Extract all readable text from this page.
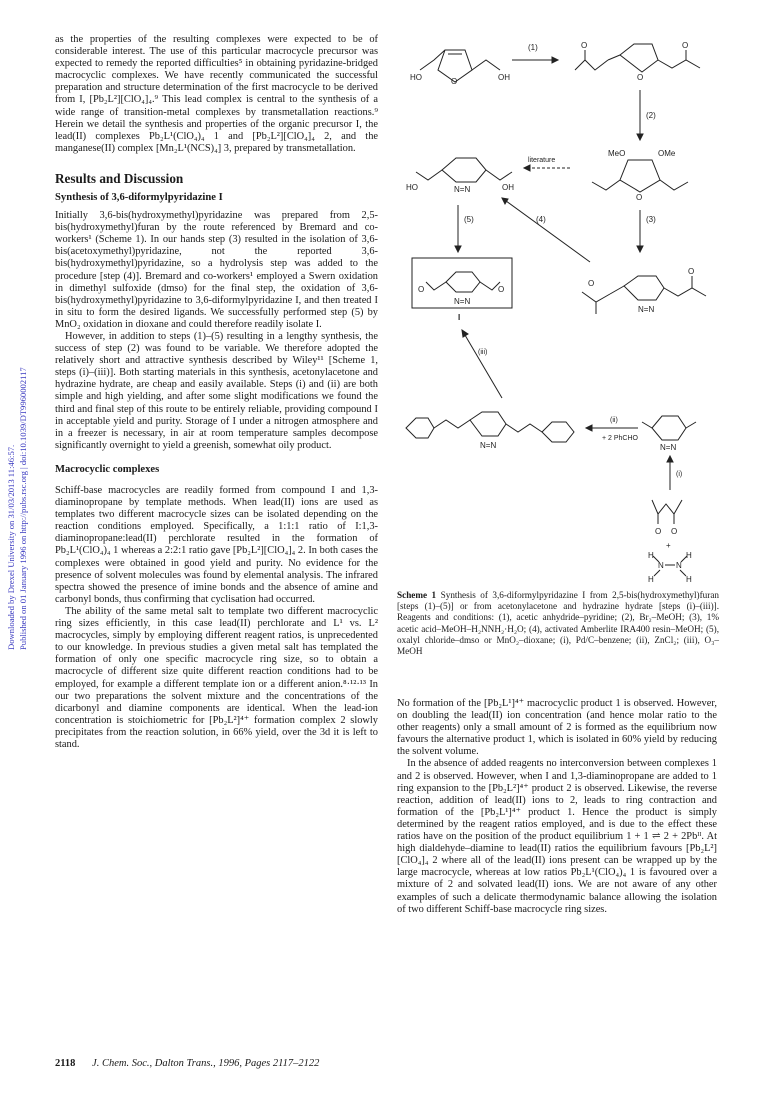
Downloaded by Drexel University on 31/03/2013 11:46:57. Published on 01 January 1996 on http://pubs.rsc.org | doi:10.1039/DT9960002117

as the properties of the resulting complexes were expected to be of considerable interest. The use of this particular macrocycle precursor was expected to remedy the reported difficulties⁵ in obtaining pyridazine-bridged macrocyclic complexes. We have recently communicated the successful preparation and structure determination of the first macrocycle to be derived from I, [Pb₂L²][ClO₄]₄.⁹ This lead complex is central to the synthesis of a wide range of transition-metal complexes by transmetallation reactions.⁹ Herein we detail the synthesis and properties of the organic precursor I, the lead(II) complexes Pb₂L¹(ClO₄)₄ 1 and [Pb₂L²][ClO₄]₄ 2, and the manganese(II) complex [Mn₂L¹(NCS)₄] 3, prepared by transmetallation.

Results and Discussion
Synthesis of 3,6-diformylpyridazine I

Initially 3,6-bis(hydroxymethyl)pyridazine was prepared from 2,5-bis(hydroxymethyl)furan by the route referenced by Bremard and co-workers¹ (Scheme 1). In our hands step (3) resulted in the isolation of 3,6-bis(acetoxymethyl)pyridazine, not the reported 3,6-bis(hydroxymethyl)pyridazine, so a hydrolysis step was added to the procedure [step (4)]. Bremard and co-workers¹ employed a Swern oxidation in dimethyl sulfoxide (dmso) for the final step, the oxidation of 3,6-bis(hydroxymethyl)pyridazine to 3,6-diformylpyridazine I, and then treated I in situ to form the desired ligands. We successfully performed step (5) by MnO₂ oxidation in dioxane and could therefore readily isolate I.

However, in addition to steps (1)–(5) resulting in a lengthy synthesis, the success of step (2) was found to be variable. We therefore adopted the relatively short and attractive synthesis described by Wiley¹¹ [Scheme 1, steps (i)–(iii)]. Both starting materials in this synthesis, acetonylacetone and hydrazine hydrate, are cheap and easily available. Steps (i) and (ii) are both simple and high yielding, and after some slight modifications we found the third and final step of this route to be entirely reliable, providing compound I in acceptable yield and purity. Storage of I under a nitrogen atmosphere and in a freezer is necessary, in air at room temperature samples decompose significantly overnight to yield a greenish, somewhat oily product.

Macrocyclic complexes

Schiff-base macrocycles are readily formed from compound I and 1,3-diaminopropane by template methods. When lead(II) ions are used as templates two different macrocycle sizes can be isolated depending on the reaction conditions employed. Specifically, a 1:1:1 ratio of I:1,3-diaminopropane:lead(II) perchlorate resulted in the formation of Pb₂L¹(ClO₄)₄ 1 whereas a 2:2:1 ratio gave [Pb₂L²][ClO₄]₄ 2. In both cases the complexes were obtained in good yield and purity. No evidence for the presence of solvent molecules was found by elemental analysis. The infrared spectra showed the presence of imine bonds and the absence of amine and carbonyl bonds, thus confirming that cyclisation had occurred.

The ability of the same metal salt to template two different macrocyclic ring sizes efficiently, in this case lead(II) perchlorate and L¹ vs. L² macrocycles, simply by employing different reagent ratios, is unprecedented to our knowledge. In previous studies a given metal salt has templated the formation of only one specific macrocycle ring size, so to obtain a macrocycle of different size quite different reaction conditions had to be employed, for example a different template ion or a different anion.⁸·¹²·¹³ In our two preparations the solvent mixture and the concentrations of the dicarbonyl and diamine components are identical. When the lead-ion concentration is stoichiometric for [Pb₂L²]⁴⁺ formation complex 2 slowly precipitates from the reaction solution, in 66% yield, over the 3d it is left to stand.

HO	OH
O
(1)	O	O
O
(2)
HO	OH
N=N
literature
MeO	OMe
O
(5)	(4)	(3)
O	O
N=N
I
O
O
N=N
(iii)
N=N
(ii)
+ 2 PhCHO
N=N
(i)
O O
+
H	H
N N
H	H
Scheme 1 Synthesis of 3,6-diformylpyridazine I from 2,5-bis(hydroxymethyl)furan [steps (1)–(5)] or from acetonylacetone and hydrazine hydrate [steps (i)–(iii)]. Reagents and conditions: (1), acetic anhydride–pyridine; (2), Br₂–MeOH; (3), 1% acetic acid–MeOH–H₂NNH₂·H₂O; (4), activated Amberlite IRA400 resin–MeOH; (5), oxalyl chloride–dmso or MnO₂–dioxane; (i), Pd/C–benzene; (ii), ZnCl₂; (iii), O₃–MeOH

No formation of the [Pb₂L¹]⁴⁺ macrocyclic product 1 is observed. However, on doubling the lead(II) ion concentration (and hence molar ratio to the other reagents) only a small amount of 2 is formed as the equilibrium now favours the alternative product 1, which is isolated in 60% yield by reducing the solvent volume.

In the absence of added reagents no interconversion between complexes 1 and 2 is observed. However, when I and 1,3-diaminopropane are added to 1 ring expansion to the [Pb₂L²]⁴⁺ product 2 is observed. Likewise, the reverse reaction, addition of lead(II) ions to 2, leads to ring contraction and formation of the [Pb₂L¹]⁴⁺ product 1. Hence the product is simply determined by the reagent ratios employed, and is due to the effect these ratios have on the position of the product equilibrium 1 + 1 ⇌ 2 + 2Pbᴵᴵ. At high dialdehyde–diamine to lead(II) ratios the equilibrium favours [Pb₂L²][ClO₄]₄ 2 where all of the lead(II) ions present can be wrapped up by the large macrocycle, whereas at low ratios Pb₂L¹(ClO₄)₄ 1 is favoured over a mixture of 2 and solvated lead(II) ions. We are not aware of any other examples of such a delicate thermodynamic balance allowing the isolation of two different Schiff-base macrocycle ring sizes.

2118 J. Chem. Soc., Dalton Trans., 1996, Pages 2117–2122
